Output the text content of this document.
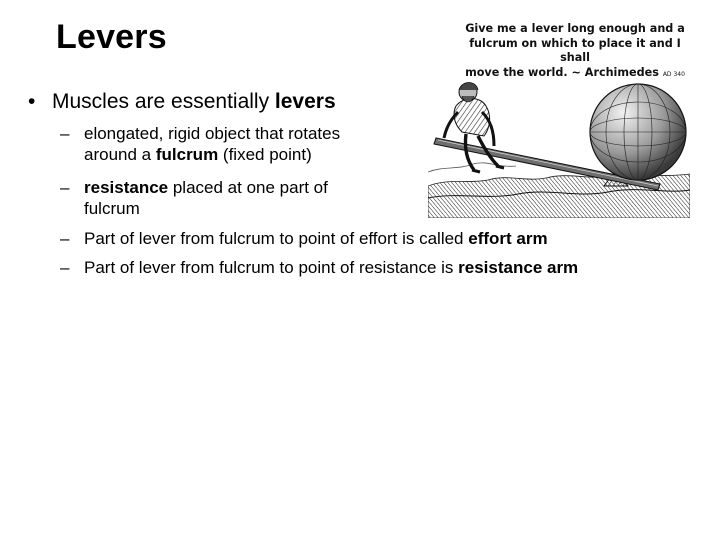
Levers
• Muscles are essentially levers
– elongated, rigid object that rotates
around a fulcrum (fixed point)
– resistance placed at one part of
fulcrum
– Part of lever from fulcrum to point of effort is called effort arm
– Part of lever from fulcrum to point of resistance is resistance arm
Give me a lever long enough and a
fulcrum on which to place it and I shall
move the world. ~ Archimedes AD 340
